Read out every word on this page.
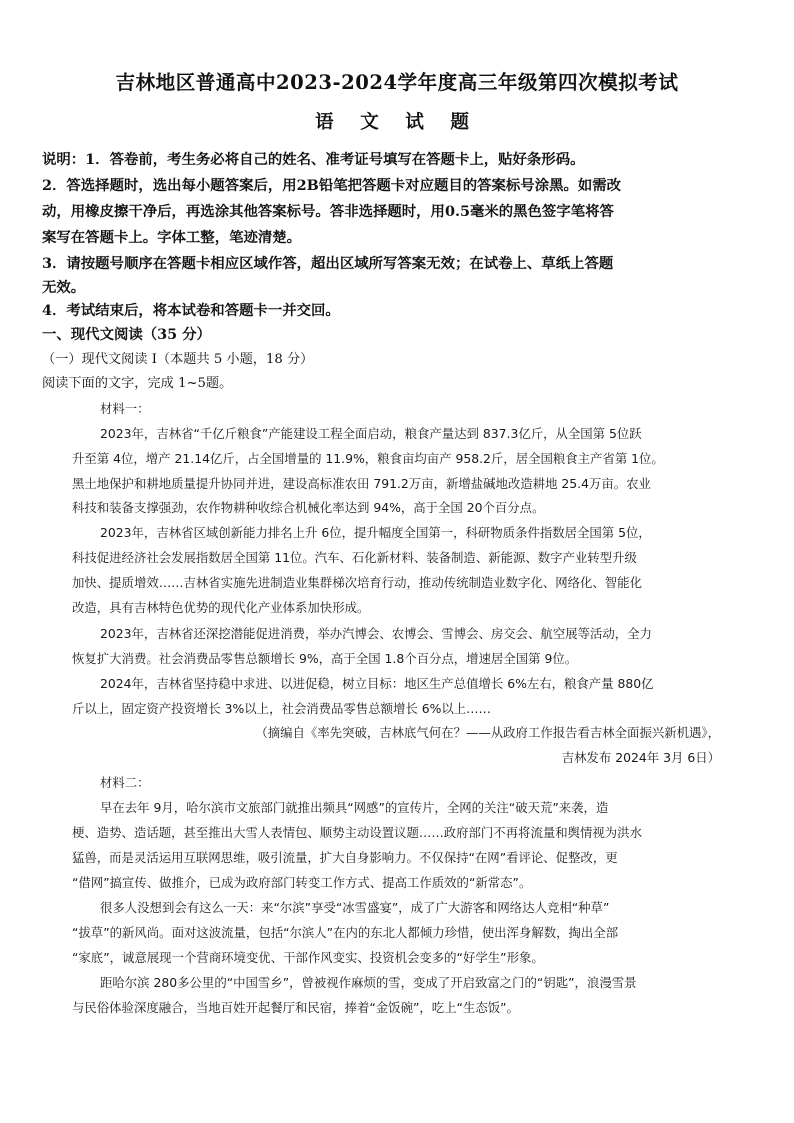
吉林地区普通高中2023-2024学年度高三年级第四次模拟考试
语 文 试 题
说明：1．答卷前，考生务必将自己的姓名、准考证号填写在答题卡上，贴好条形码。
2．答选择题时，选出每小题答案后，用2B铅笔把答题卡对应题目的答案标号涂黑。如需改
动，用橡皮擦干净后，再选涂其他答案标号。答非选择题时，用0.5毫米的黑色签字笔将答
案写在答题卡上。字体工整，笔迹清楚。
3．请按题号顺序在答题卡相应区域作答，超出区域所写答案无效；在试卷上、草纸上答题
无效。
4．考试结束后，将本试卷和答题卡一并交回。
一、现代文阅读（35 分）
（一）现代文阅读 I（本题共 5 小题，18 分）
阅读下面的文字，完成 1~5题。
材料一：
2023年，吉林省“千亿斤粮食”产能建设工程全面启动，粮食产量达到 837.3亿斤，从全国第 5位跃
升至第 4位，增产 21.14亿斤，占全国增量的 11.9%，粮食亩均亩产 958.2斤，居全国粮食主产省第 1位。
黑土地保护和耕地质量提升协同并进，建设高标准农田 791.2万亩，新增盐碱地改造耕地 25.4万亩。农业
科技和装备支撑强劲，农作物耕种收综合机械化率达到 94%，高于全国 20个百分点。
2023年，吉林省区域创新能力排名上升 6位，提升幅度全国第一，科研物质条件指数居全国第 5位，
科技促进经济社会发展指数居全国第 11位。汽车、石化新材料、装备制造、新能源、数字产业转型升级
加快、提质增效……吉林省实施先进制造业集群梯次培育行动，推动传统制造业数字化、网络化、智能化
改造，具有吉林特色优势的现代化产业体系加快形成。
2023年，吉林省还深挖潜能促进消费，举办汽博会、农博会、雪博会、房交会、航空展等活动，全力
恢复扩大消费。社会消费品零售总额增长 9%，高于全国 1.8个百分点，增速居全国第 9位。
2024年，吉林省坚持稳中求进、以进促稳，树立目标：地区生产总值增长 6%左右，粮食产量 880亿
斤以上，固定资产投资增长 3%以上，社会消费品零售总额增长 6%以上……
（摘编自《率先突破，吉林底气何在？——从政府工作报告看吉林全面振兴新机遇》，
吉林发布 2024年 3月 6日）
材料二：
早在去年 9月，哈尔滨市文旅部门就推出频具“网感”的宣传片，全网的关注“破天荒”来袭，造
梗、造势、造话题，甚至推出大雪人表情包、顺势主动设置议题……政府部门不再将流量和舆情视为洪水
猛兽，而是灵活运用互联网思维，吸引流量，扩大自身影响力。不仅保持“在网”看评论、促整改，更
“借网”搞宣传、做推介，已成为政府部门转变工作方式、提高工作质效的“新常态”。
很多人没想到会有这么一天：来“尔滨”享受“冰雪盛宴”，成了广大游客和网络达人竞相“种草”
“拔草”的新风尚。面对这波流量，包括“尔滨人”在内的东北人都倾力珍惜，使出浑身解数，掏出全部
“家底”，诚意展现一个营商环境变优、干部作风变实、投资机会变多的“好学生”形象。
距哈尔滨 280多公里的“中国雪乡”，曾被视作麻烦的雪，变成了开启致富之门的“钥匙”，浪漫雪景
与民俗体验深度融合，当地百姓开起餐厅和民宿，捧着“金饭碗”，吃上“生态饭”。
